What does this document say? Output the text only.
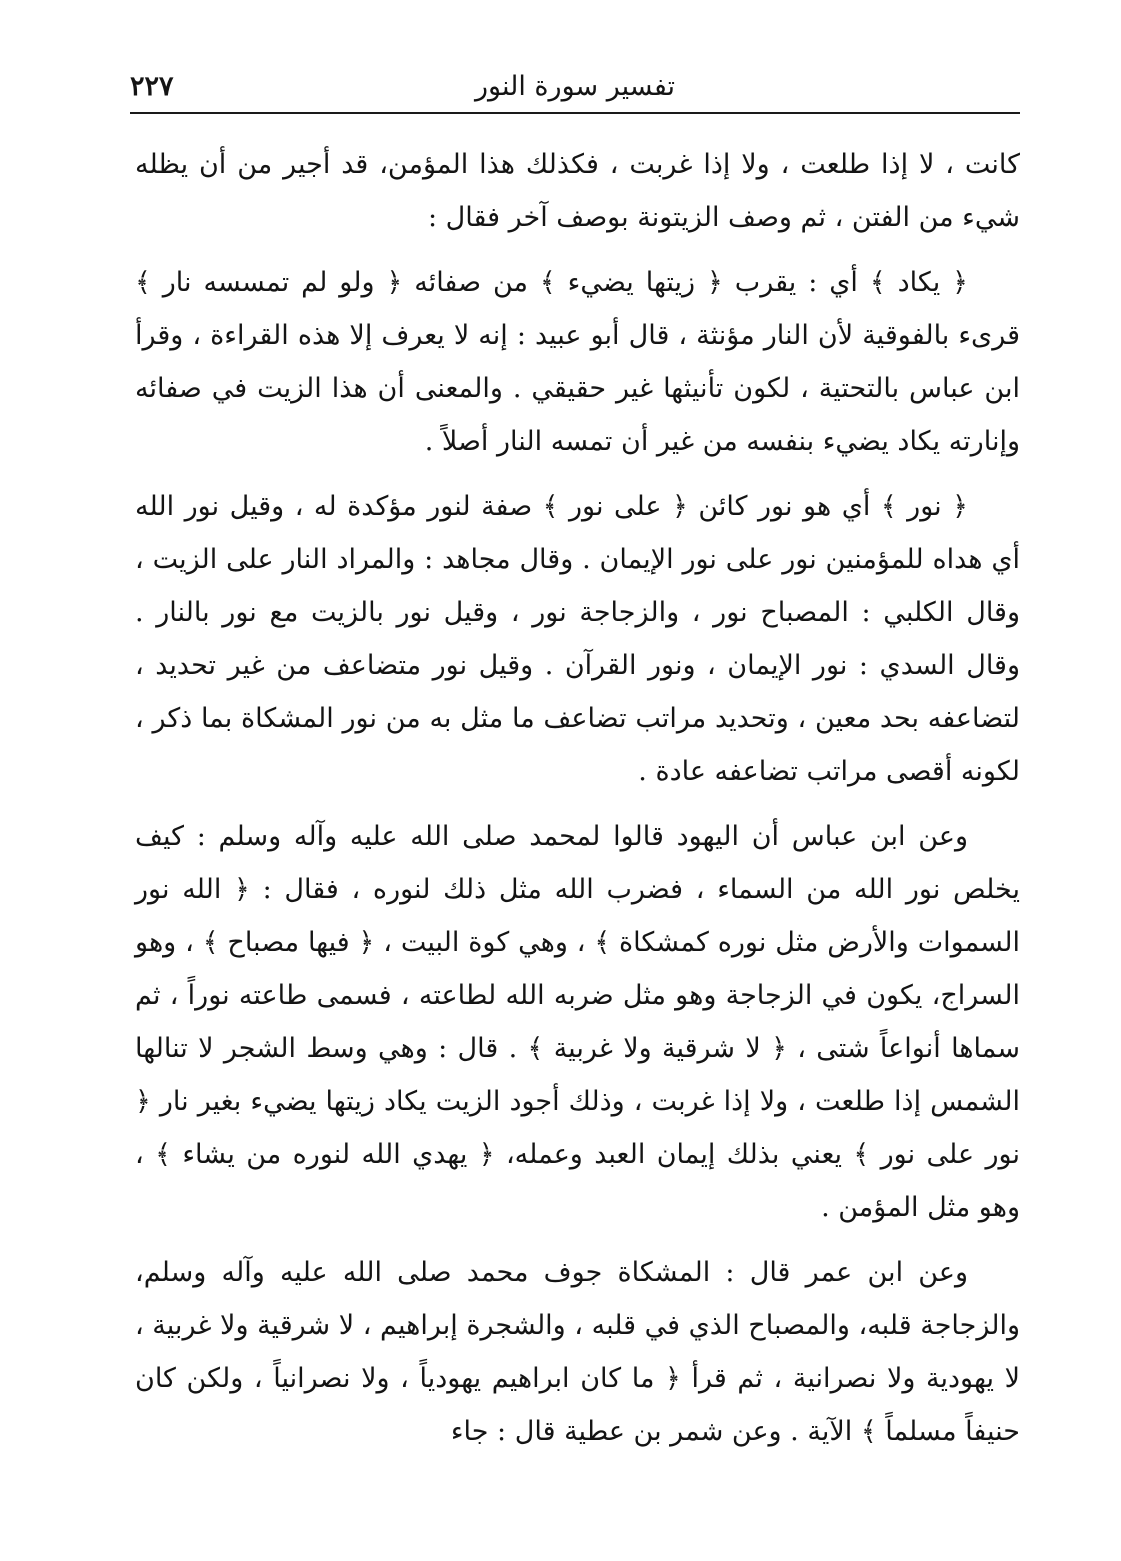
تفسير سورة النور
٢٢٧

كانت ، لا إذا طلعت ، ولا إذا غربت ، فكذلك هذا المؤمن، قد أجير من أن يظله شيء من الفتن ، ثم وصف الزيتونة بوصف آخر فقال :

﴿ يكاد ﴾ أي : يقرب ﴿ زيتها يضيء ﴾ من صفائه ﴿ ولو لم تمسسه نار ﴾ قرىء بالفوقية لأن النار مؤنثة ، قال أبو عبيد : إنه لا يعرف إلا هذه القراءة ، وقرأ ابن عباس بالتحتية ، لكون تأنيثها غير حقيقي . والمعنى أن هذا الزيت في صفائه وإنارته يكاد يضيء بنفسه من غير أن تمسه النار أصلاً .

﴿ نور ﴾ أي هو نور كائن ﴿ على نور ﴾ صفة لنور مؤكدة له ، وقيل نور الله أي هداه للمؤمنين نور على نور الإيمان . وقال مجاهد : والمراد النار على الزيت ، وقال الكلبي : المصباح نور ، والزجاجة نور ، وقيل نور بالزيت مع نور بالنار . وقال السدي : نور الإيمان ، ونور القرآن . وقيل نور متضاعف من غير تحديد ، لتضاعفه بحد معين ، وتحديد مراتب تضاعف ما مثل به من نور المشكاة بما ذكر ، لكونه أقصى مراتب تضاعفه عادة .

وعن ابن عباس أن اليهود قالوا لمحمد صلى الله عليه وآله وسلم : كيف يخلص نور الله من السماء ، فضرب الله مثل ذلك لنوره ، فقال : ﴿ الله نور السموات والأرض مثل نوره كمشكاة ﴾ ، وهي كوة البيت ، ﴿ فيها مصباح ﴾ ، وهو السراج، يكون في الزجاجة وهو مثل ضربه الله لطاعته ، فسمى طاعته نوراً ، ثم سماها أنواعاً شتى ، ﴿ لا شرقية ولا غربية ﴾ . قال : وهي وسط الشجر لا تنالها الشمس إذا طلعت ، ولا إذا غربت ، وذلك أجود الزيت يكاد زيتها يضيء بغير نار ﴿ نور على نور ﴾ يعني بذلك إيمان العبد وعمله، ﴿ يهدي الله لنوره من يشاء ﴾ ، وهو مثل المؤمن .

وعن ابن عمر قال : المشكاة جوف محمد صلى الله عليه وآله وسلم، والزجاجة قلبه، والمصباح الذي في قلبه ، والشجرة إبراهيم ، لا شرقية ولا غربية ، لا يهودية ولا نصرانية ، ثم قرأ ﴿ ما كان ابراهيم يهودياً ، ولا نصرانياً ، ولكن كان حنيفاً مسلماً ﴾ الآية . وعن شمر بن عطية قال : جاء
